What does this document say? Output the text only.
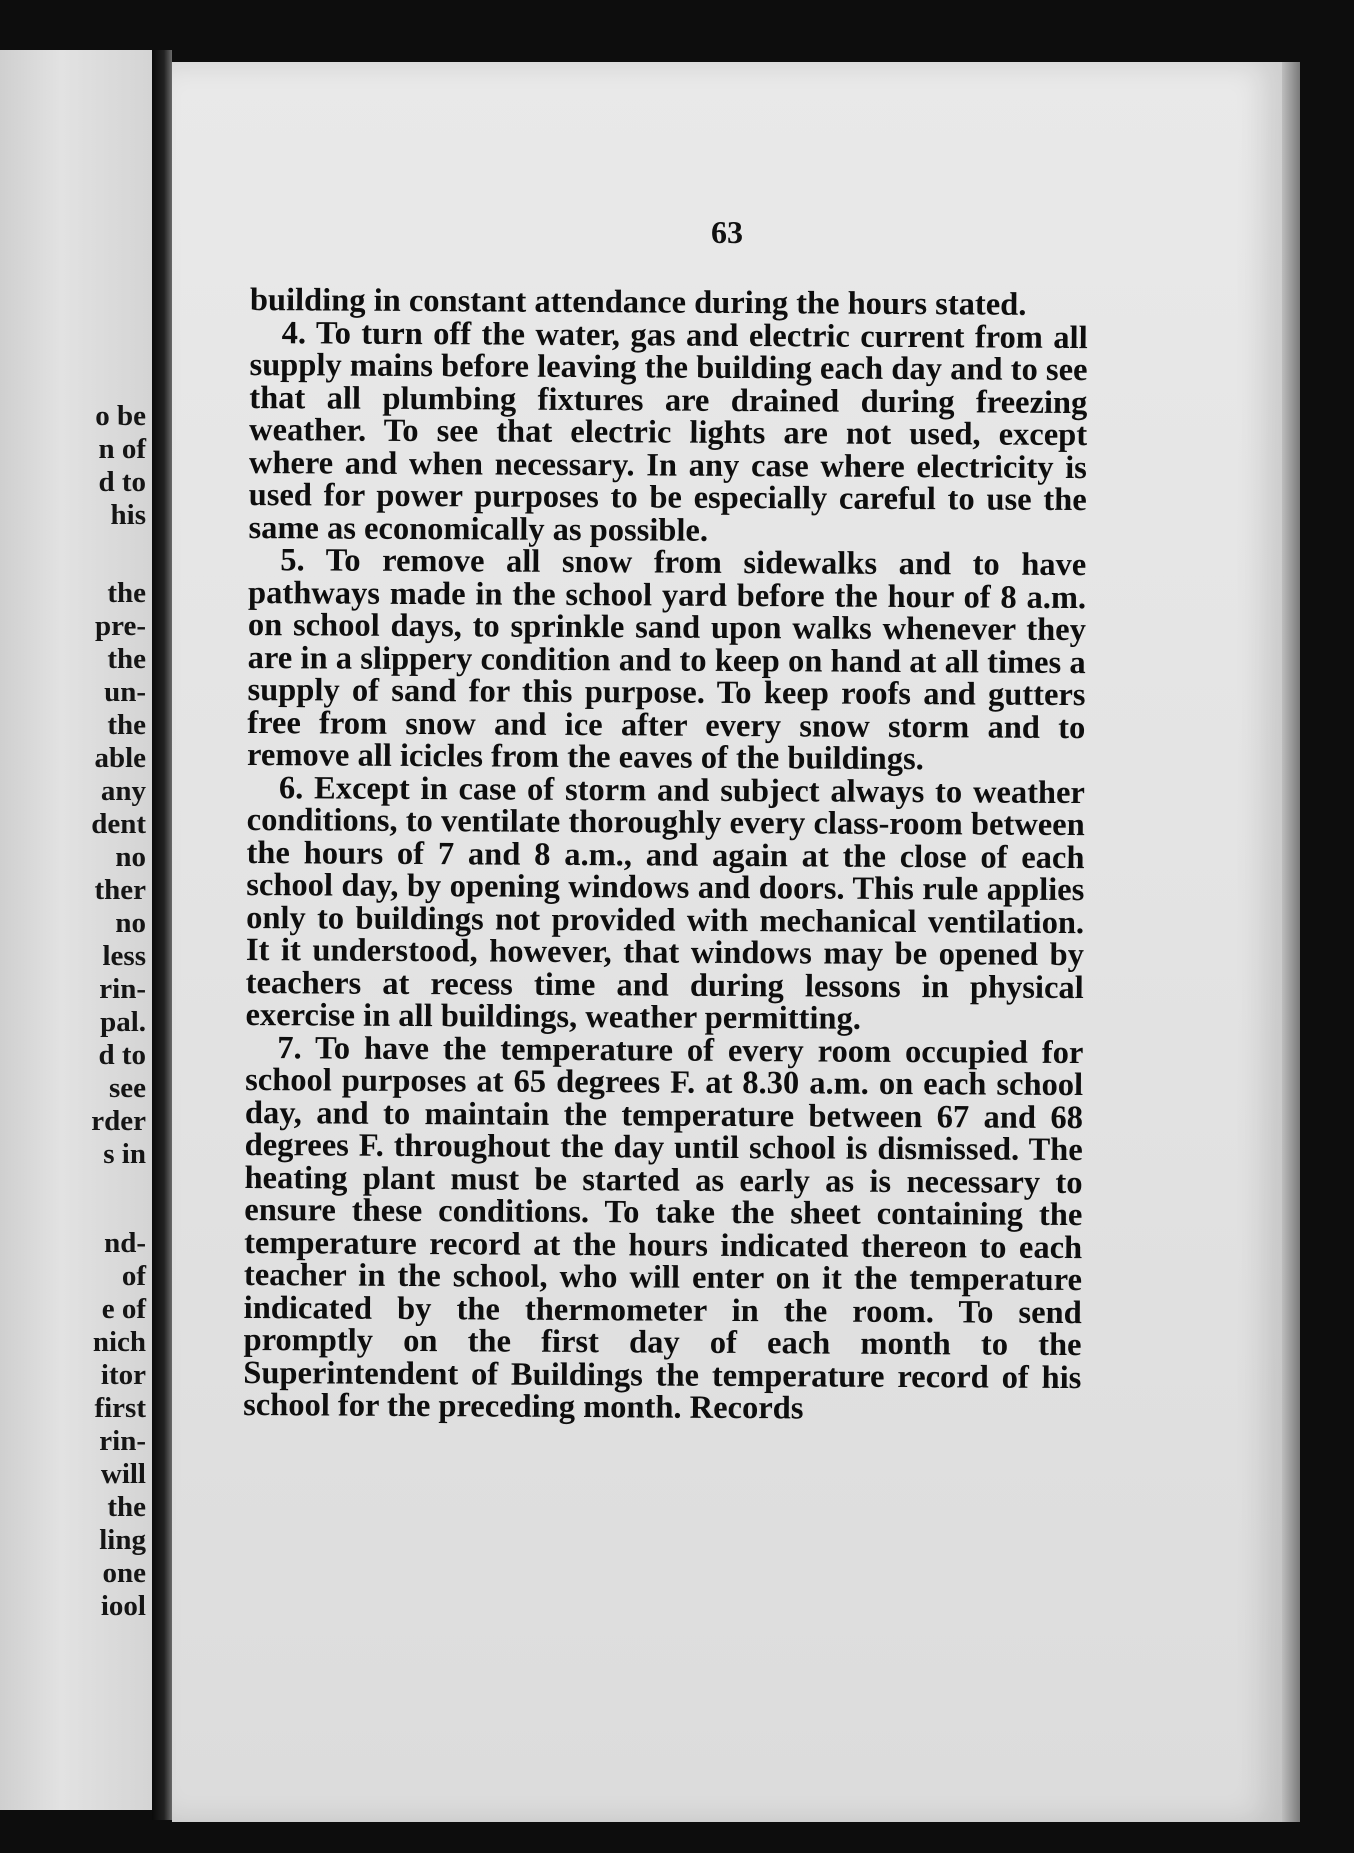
o be
n of
d to
his
the
pre-
the
un-
the
able
any
dent
no
ther
no
less
rin-
pal.
d to
see
rder
s in
nd-
of
e of
nich
itor
first
rin-
will
the
ling
one
iool
63

building in constant attendance during the hours stated.

4. To turn off the water, gas and electric current from all supply mains before leaving the building each day and to see that all plumbing fixtures are drained during freezing weather. To see that electric lights are not used, except where and when necessary. In any case where electricity is used for power purposes to be especially careful to use the same as economically as possible.

5. To remove all snow from sidewalks and to have pathways made in the school yard before the hour of 8 a.m. on school days, to sprinkle sand upon walks whenever they are in a slippery condition and to keep on hand at all times a supply of sand for this purpose. To keep roofs and gutters free from snow and ice after every snow storm and to remove all icicles from the eaves of the buildings.

6. Except in case of storm and subject always to weather conditions, to ventilate thoroughly every class-room between the hours of 7 and 8 a.m., and again at the close of each school day, by opening windows and doors. This rule applies only to buildings not provided with mechanical ventilation. It it understood, however, that windows may be opened by teachers at recess time and during lessons in physical exercise in all buildings, weather permitting.

7. To have the temperature of every room occupied for school purposes at 65 degrees F. at 8.30 a.m. on each school day, and to maintain the temperature between 67 and 68 degrees F. throughout the day until school is dismissed. The heating plant must be started as early as is necessary to ensure these conditions. To take the sheet containing the temperature record at the hours indicated thereon to each teacher in the school, who will enter on it the temperature indicated by the thermometer in the room. To send promptly on the first day of each month to the Superintendent of Buildings the temperature record of his school for the preceding month. Records
